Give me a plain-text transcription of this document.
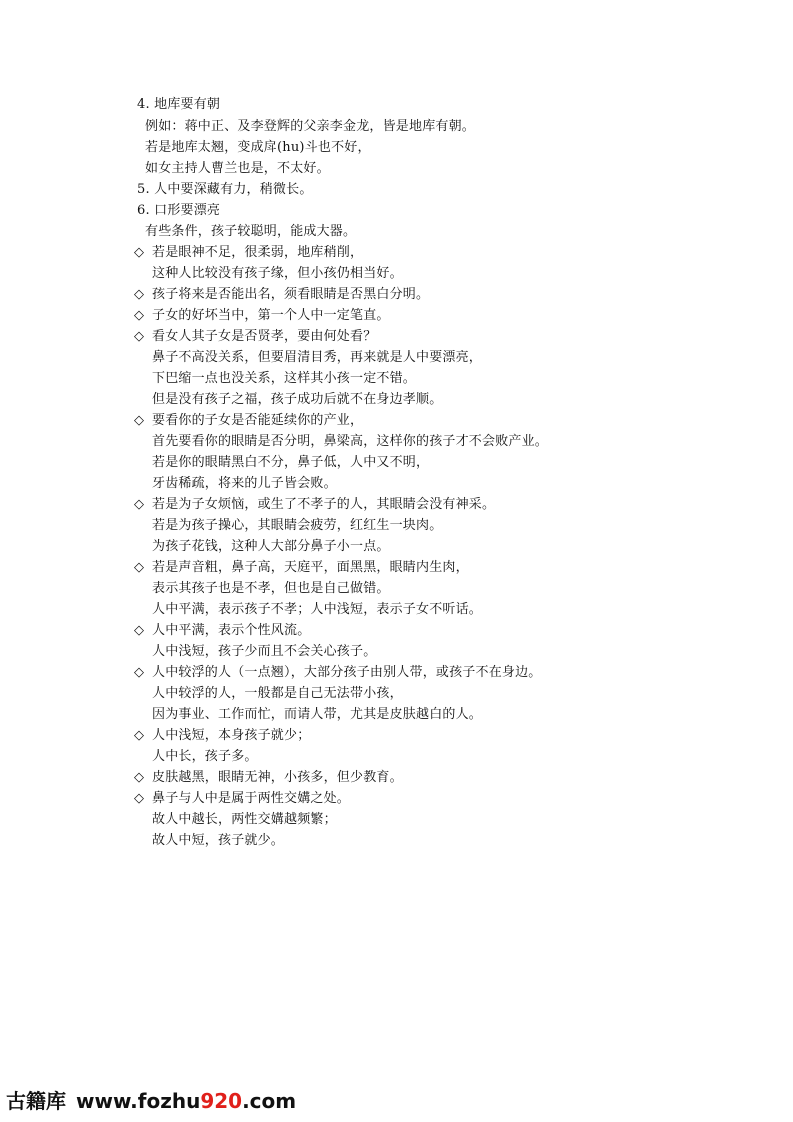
4. 地库要有朝
例如：蒋中正、及李登辉的父亲李金龙，皆是地库有朝。
若是地库太翘，变成戽(hu)斗也不好，
如女主持人曹兰也是，不太好。
5. 人中要深藏有力，稍微长。
6. 口形要漂亮
有些条件，孩子较聪明，能成大器。
◇ 若是眼神不足，很柔弱，地库稍削，
这种人比较没有孩子缘，但小孩仍相当好。
◇ 孩子将来是否能出名，须看眼睛是否黑白分明。
◇ 子女的好坏当中，第一个人中一定笔直。
◇ 看女人其子女是否贤孝，要由何处看？
鼻子不高没关系，但要眉清目秀，再来就是人中要漂亮，
下巴缩一点也没关系，这样其小孩一定不错。
但是没有孩子之福，孩子成功后就不在身边孝顺。
◇ 要看你的子女是否能延续你的产业，
首先要看你的眼睛是否分明，鼻梁高，这样你的孩子才不会败产业。
若是你的眼睛黑白不分，鼻子低，人中又不明，
牙齿稀疏，将来的儿子皆会败。
◇ 若是为子女烦恼，或生了不孝子的人，其眼睛会没有神采。
若是为孩子操心，其眼睛会疲劳，红红生一块肉。
为孩子花钱，这种人大部分鼻子小一点。
◇ 若是声音粗，鼻子高，天庭平，面黑黑，眼睛内生肉，
表示其孩子也是不孝，但也是自己做错。
人中平满，表示孩子不孝；人中浅短，表示子女不听话。
◇ 人中平满，表示个性风流。
人中浅短，孩子少而且不会关心孩子。
◇ 人中较浮的人（一点翘），大部分孩子由别人带，或孩子不在身边。
人中较浮的人，一般都是自己无法带小孩，
因为事业、工作而忙，而请人带，尤其是皮肤越白的人。
◇ 人中浅短，本身孩子就少；
人中长，孩子多。
◇ 皮肤越黑，眼睛无神，小孩多，但少教育。
◇ 鼻子与人中是属于两性交媾之处。
故人中越长，两性交媾越频繁；
故人中短，孩子就少。
古籍库 www.fozhu920.com
